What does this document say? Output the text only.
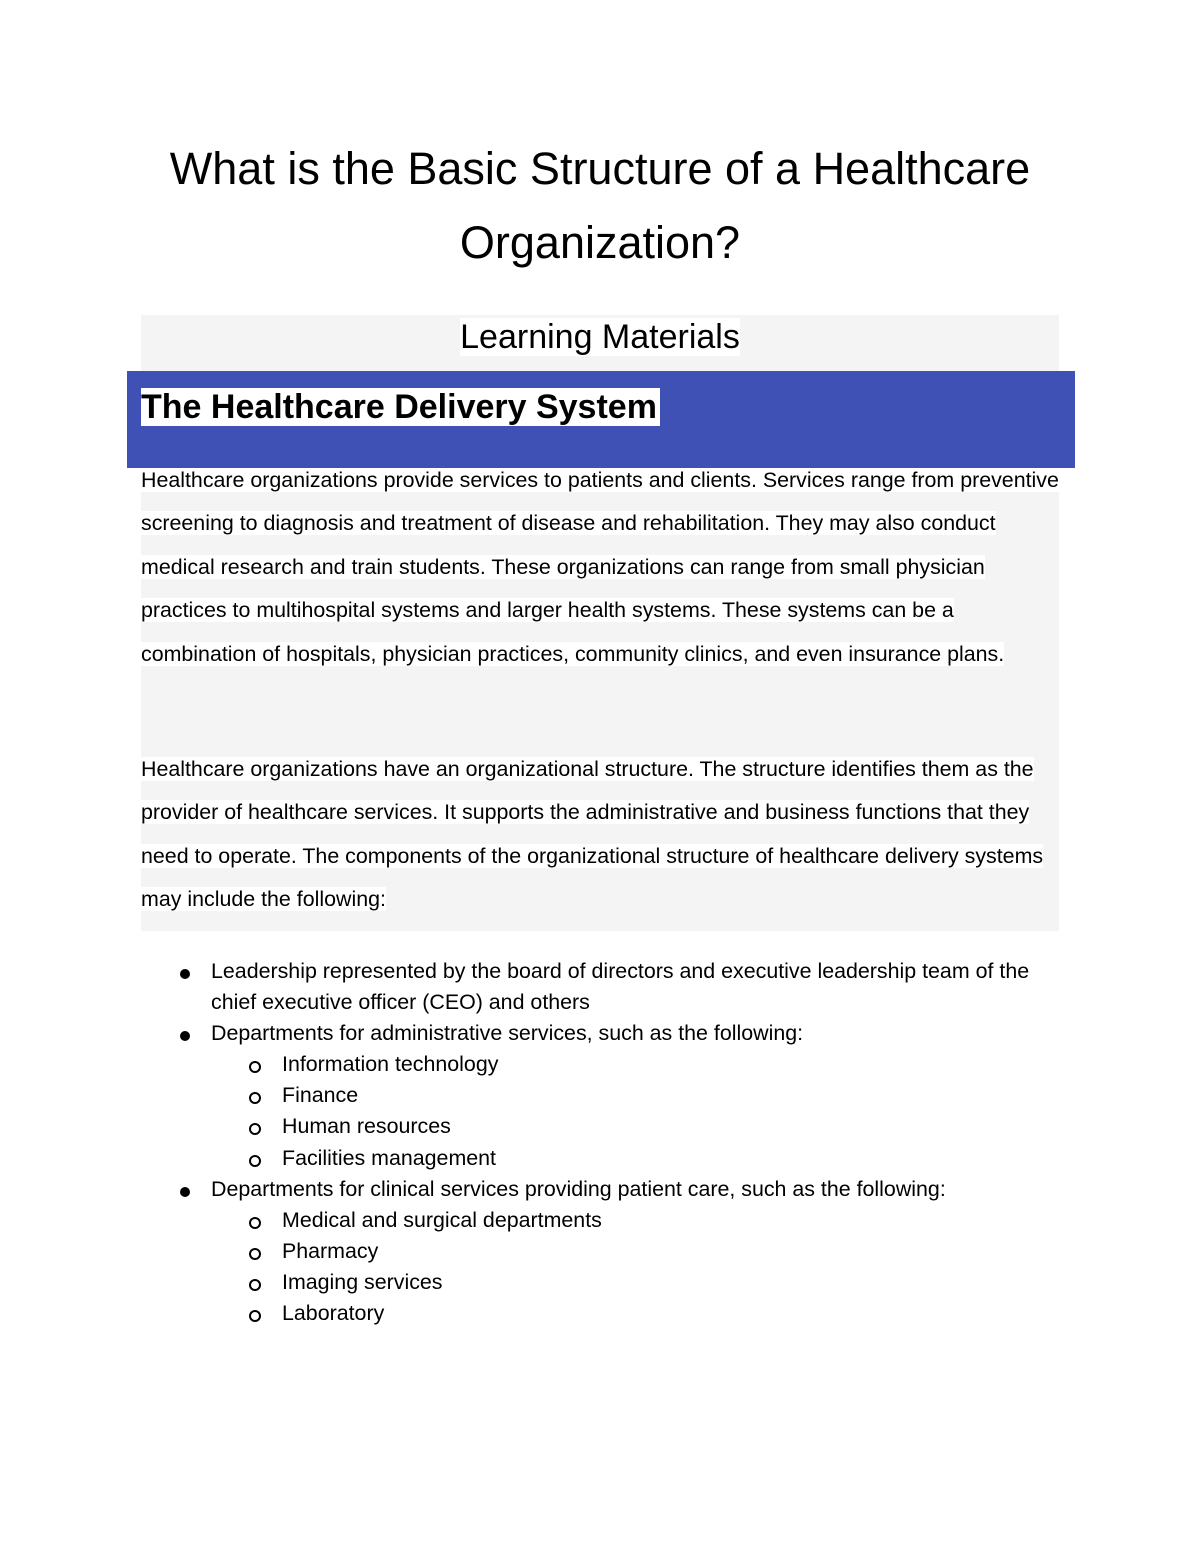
What is the Basic Structure of a Healthcare
Organization?
Learning Materials
The Healthcare Delivery System

Healthcare organizations provide services to patients and clients. Services range from preventive screening to diagnosis and treatment of disease and rehabilitation. They may also conduct medical research and train students. These organizations can range from small physician practices to multihospital systems and larger health systems. These systems can be a combination of hospitals, physician practices, community clinics, and even insurance plans.

Healthcare organizations have an organizational structure. The structure identifies them as the provider of healthcare services. It supports the administrative and business functions that they need to operate. The components of the organizational structure of healthcare delivery systems may include the following:

Leadership represented by the board of directors and executive leadership team of the chief executive officer (CEO) and others
Departments for administrative services, such as the following:
Information technology
Finance
Human resources
Facilities management
Departments for clinical services providing patient care, such as the following:
Medical and surgical departments
Pharmacy
Imaging services
Laboratory
